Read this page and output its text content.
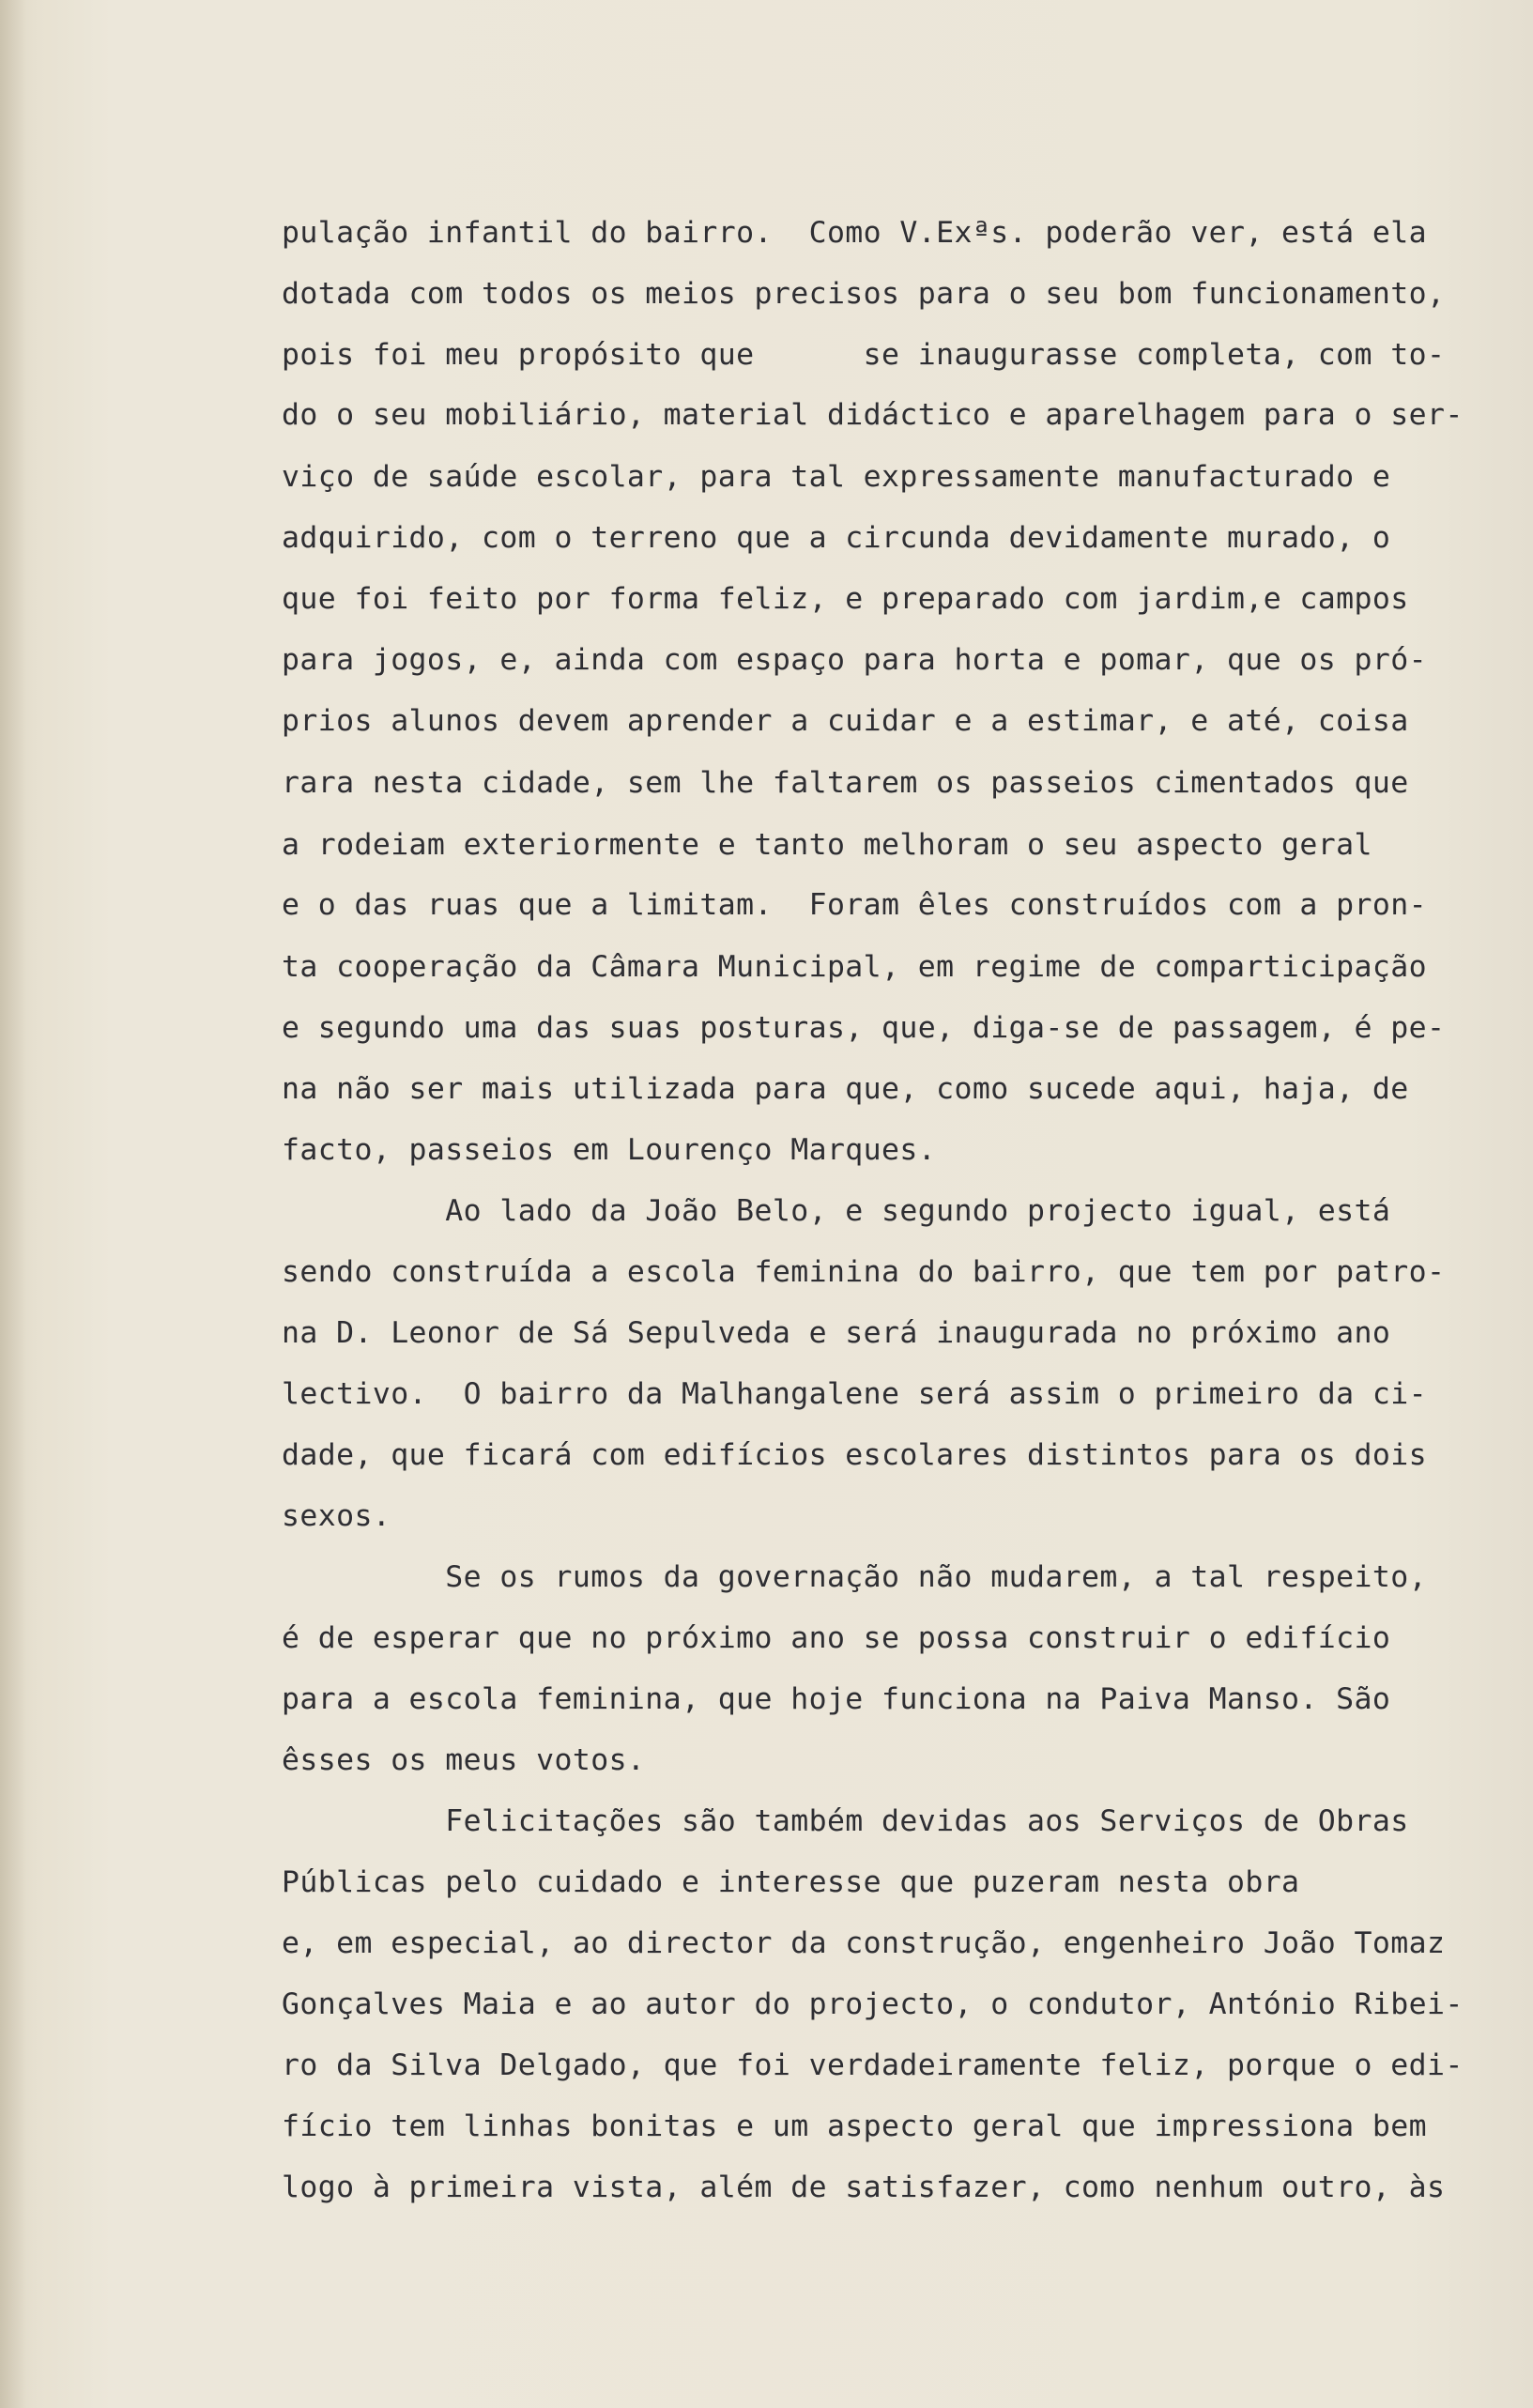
pulação infantil do bairro.  Como V.Exªs. poderão ver, está ela
dotada com todos os meios precisos para o seu bom funcionamento,
pois foi meu propósito que      se inaugurasse completa, com to-
do o seu mobiliário, material didáctico e aparelhagem para o ser-
viço de saúde escolar, para tal expressamente manufacturado e
adquirido, com o terreno que a circunda devidamente murado, o
que foi feito por forma feliz, e preparado com jardim,e campos
para jogos, e, ainda com espaço para horta e pomar, que os pró-
prios alunos devem aprender a cuidar e a estimar, e até, coisa
rara nesta cidade, sem lhe faltarem os passeios cimentados que
a rodeiam exteriormente e tanto melhoram o seu aspecto geral
e o das ruas que a limitam.  Foram êles construídos com a pron-
ta cooperação da Câmara Municipal, em regime de comparticipação
e segundo uma das suas posturas, que, diga-se de passagem, é pe-
na não ser mais utilizada para que, como sucede aqui, haja, de
facto, passeios em Lourenço Marques.
Ao lado da João Belo, e segundo projecto igual, está
sendo construída a escola feminina do bairro, que tem por patro-
na D. Leonor de Sá Sepulveda e será inaugurada no próximo ano
lectivo.  O bairro da Malhangalene será assim o primeiro da ci-
dade, que ficará com edifícios escolares distintos para os dois
sexos.
Se os rumos da governação não mudarem, a tal respeito,
é de esperar que no próximo ano se possa construir o edifício
para a escola feminina, que hoje funciona na Paiva Manso. São
êsses os meus votos.
Felicitações são também devidas aos Serviços de Obras
Públicas pelo cuidado e interesse que puzeram nesta obra
e, em especial, ao director da construção, engenheiro João Tomaz
Gonçalves Maia e ao autor do projecto, o condutor, António Ribei-
ro da Silva Delgado, que foi verdadeiramente feliz, porque o edi-
fício tem linhas bonitas e um aspecto geral que impressiona bem
logo à primeira vista, além de satisfazer, como nenhum outro, às
